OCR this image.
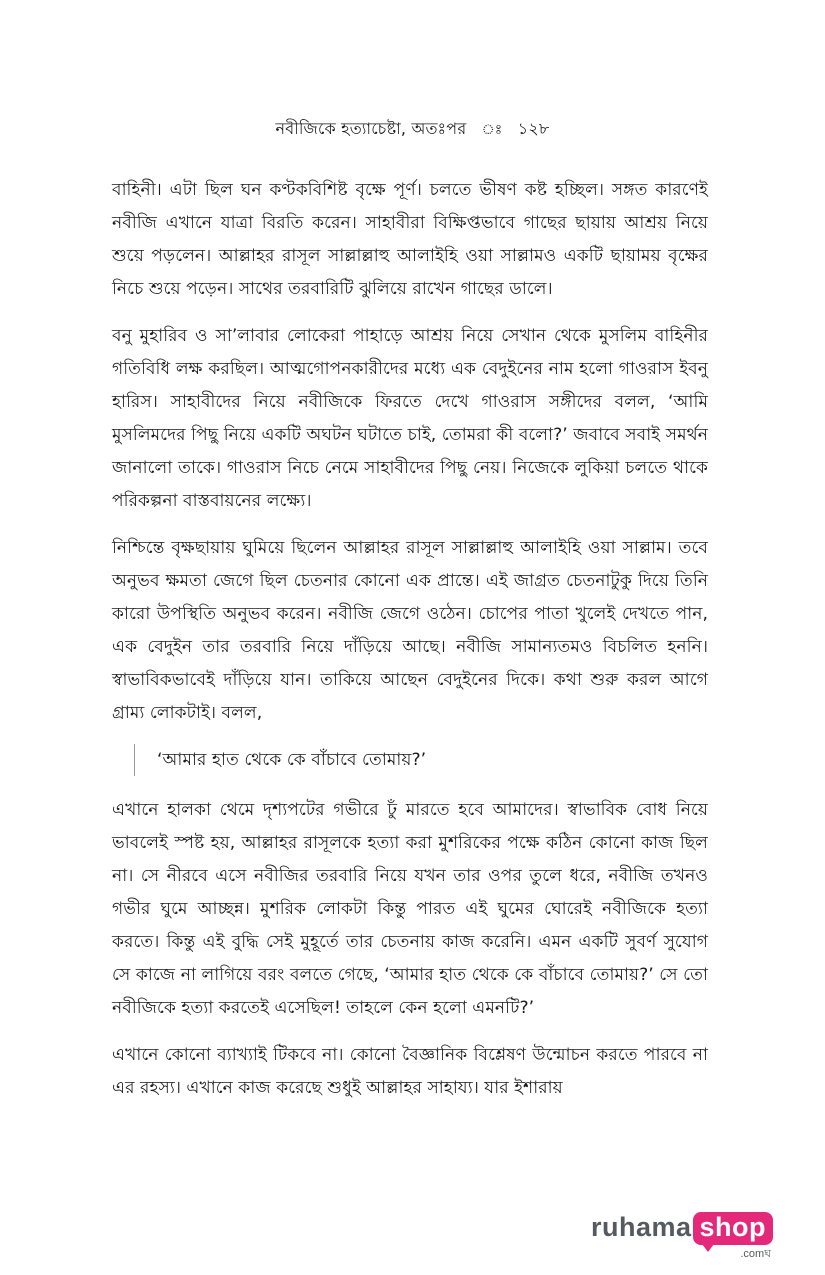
নবীজিকে হত্যাচেষ্টা, অতঃপর ঃ ১২৮

বাহিনী। এটা ছিল ঘন কণ্টকবিশিষ্ট বৃক্ষে পূর্ণ। চলতে ভীষণ কষ্ট হচ্ছিল। সঙ্গত কারণেই নবীজি এখানে যাত্রা বিরতি করেন। সাহাবীরা বিক্ষিপ্তভাবে গাছের ছায়ায় আশ্রয় নিয়ে শুয়ে পড়লেন। আল্লাহর রাসূল সাল্লাল্লাহু আলাইহি ওয়া সাল্লামও একটি ছায়াময় বৃক্ষের নিচে শুয়ে পড়েন। সাথের তরবারিটি ঝুলিয়ে রাখেন গাছের ডালে।

বনু মুহারিব ও সা’লাবার লোকেরা পাহাড়ে আশ্রয় নিয়ে সেখান থেকে মুসলিম বাহিনীর গতিবিধি লক্ষ করছিল। আত্মগোপনকারীদের মধ্যে এক বেদুইনের নাম হলো গাওরাস ইবনু হারিস। সাহাবীদের নিয়ে নবীজিকে ফিরতে দেখে গাওরাস সঙ্গীদের বলল, ‘আমি মুসলিমদের পিছু নিয়ে একটি অঘটন ঘটাতে চাই, তোমরা কী বলো?’ জবাবে সবাই সমর্থন জানালো তাকে। গাওরাস নিচে নেমে সাহাবীদের পিছু নেয়। নিজেকে লুকিয়া চলতে থাকে পরিকল্পনা বাস্তবায়নের লক্ষ্যে।

নিশ্চিন্তে বৃক্ষছায়ায় ঘুমিয়ে ছিলেন আল্লাহর রাসূল সাল্লাল্লাহু আলাইহি ওয়া সাল্লাম। তবে অনুভব ক্ষমতা জেগে ছিল চেতনার কোনো এক প্রান্তে। এই জাগ্রত চেতনাটুকু দিয়ে তিনি কারো উপস্থিতি অনুভব করেন। নবীজি জেগে ওঠেন। চোপের পাতা খুলেই দেখতে পান, এক বেদুইন তার তরবারি নিয়ে দাঁড়িয়ে আছে। নবীজি সামান্যতমও বিচলিত হননি। স্বাভাবিকভাবেই দাঁড়িয়ে যান। তাকিয়ে আছেন বেদুইনের দিকে। কথা শুরু করল আগে গ্রাম্য লোকটাই। বলল,

‘আমার হাত থেকে কে বাঁচাবে তোমায়?’

এখানে হালকা থেমে দৃশ্যপটের গভীরে ঢুঁ মারতে হবে আমাদের। স্বাভাবিক বোধ নিয়ে ভাবলেই স্পষ্ট হয়, আল্লাহর রাসূলকে হত্যা করা মুশরিকের পক্ষে কঠিন কোনো কাজ ছিল না। সে নীরবে এসে নবীজির তরবারি নিয়ে যখন তার ওপর তুলে ধরে, নবীজি তখনও গভীর ঘুমে আচ্ছন্ন। মুশরিক লোকটা কিন্তু পারত এই ঘুমের ঘোরেই নবীজিকে হত্যা করতে। কিন্তু এই বুদ্ধি সেই মুহূর্তে তার চেতনায় কাজ করেনি। এমন একটি সুবর্ণ সুযোগ সে কাজে না লাগিয়ে বরং বলতে গেছে, ‘আমার হাত থেকে কে বাঁচাবে তোমায়?’ সে তো নবীজিকে হত্যা করতেই এসেছিল! তাহলে কেন হলো এমনটি?’

এখানে কোনো ব্যাখ্যাই টিকবে না। কোনো বৈজ্ঞানিক বিশ্লেষণ উন্মোচন করতে পারবে না এর রহস্য। এখানে কাজ করেছে শুধুই আল্লাহর সাহায্য। যার ইশারায়

ruhama shop
.comঘ
